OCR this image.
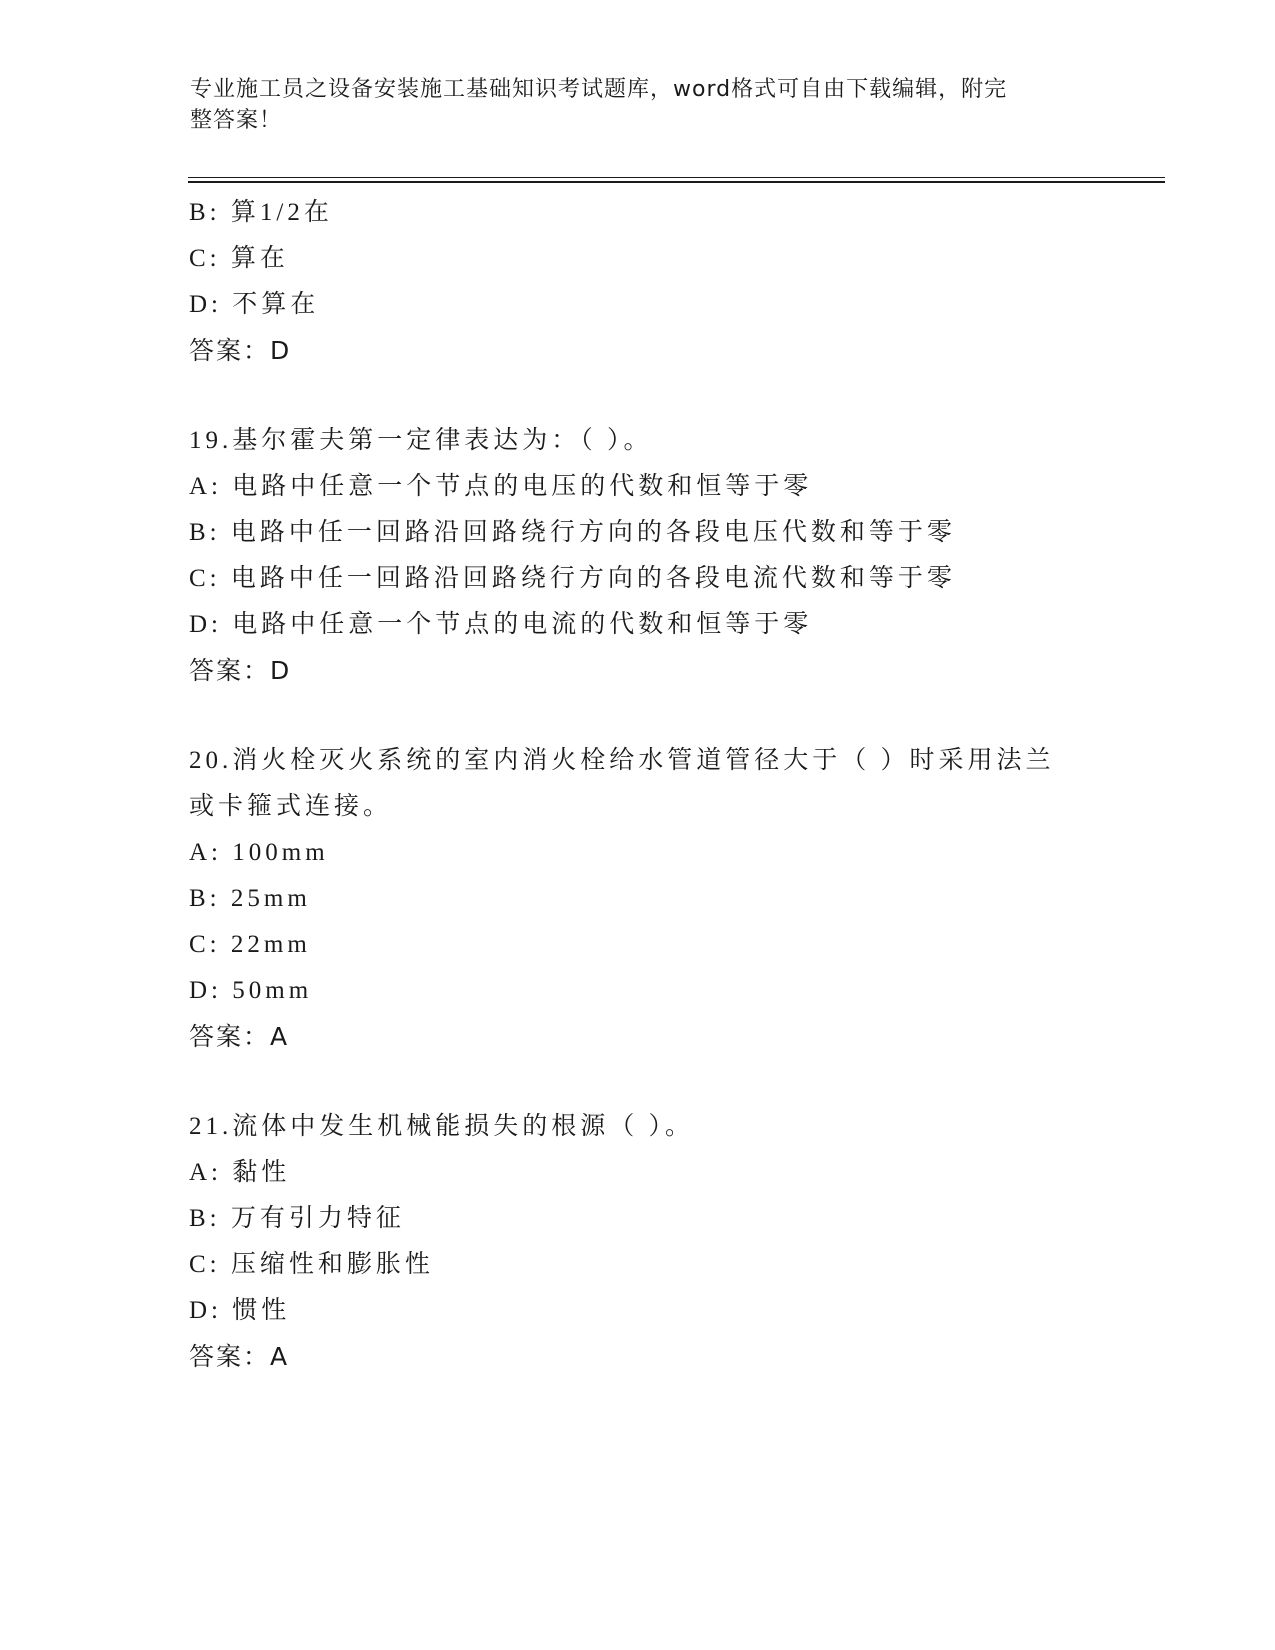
专业施工员之设备安装施工基础知识考试题库，word格式可自由下载编辑，附完
整答案！
B: 算1/2在
C: 算在
D: 不算在
答案：D
19.基尔霍夫第一定律表达为：（ ）。
A: 电路中任意一个节点的电压的代数和恒等于零
B: 电路中任一回路沿回路绕行方向的各段电压代数和等于零
C: 电路中任一回路沿回路绕行方向的各段电流代数和等于零
D: 电路中任意一个节点的电流的代数和恒等于零
答案：D
20.消火栓灭火系统的室内消火栓给水管道管径大于（ ）时采用法兰
或卡箍式连接。
A: 100mm
B: 25mm
C: 22mm
D: 50mm
答案：A
21.流体中发生机械能损失的根源（ ）。
A: 黏性
B: 万有引力特征
C: 压缩性和膨胀性
D: 惯性
答案：A
